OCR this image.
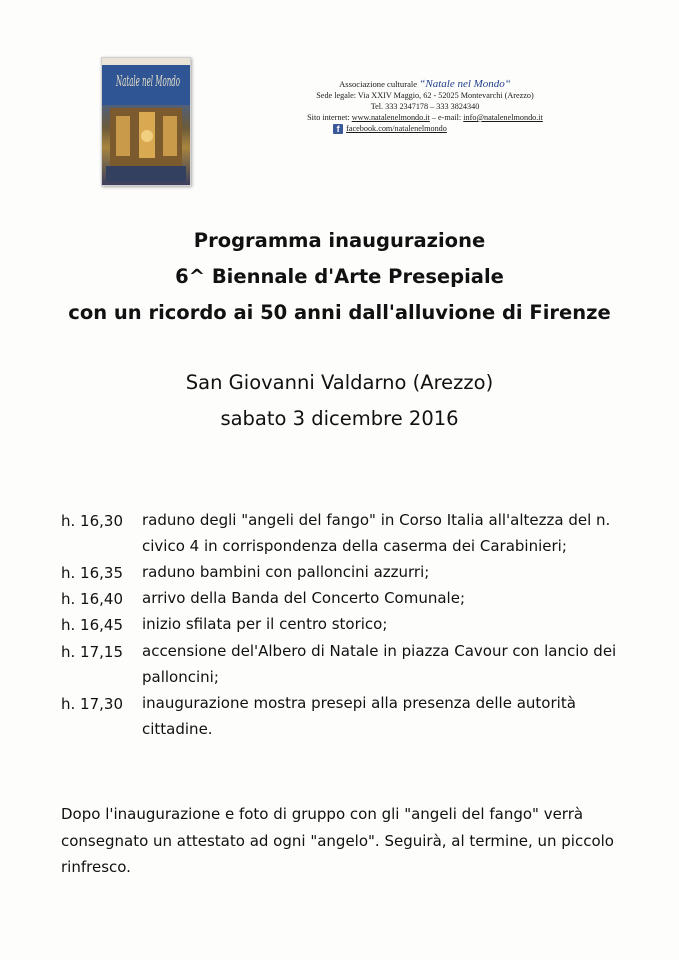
Natale nel Mondo	Associazione culturale “Natale nel Mondo“
Sede legale: Via XXIV Maggio, 62 - 52025 Montevarchi (Arezzo)
Tel. 333 2347178 – 333 3824340
Sito internet: www.natalenelmondo.it – e-mail: info@natalenelmondo.it
f facebook.com/natalenelmondo
Programma inaugurazione
6^ Biennale d'Arte Presepiale
con un ricordo ai 50 anni dall'alluvione di Firenze
San Giovanni Valdarno (Arezzo)
sabato 3 dicembre 2016
h. 16,30 raduno degli "angeli del fango" in Corso Italia all'altezza del n. civico 4 in corrispondenza della caserma dei Carabinieri;
h. 16,35 raduno bambini con palloncini azzurri;
h. 16,40 arrivo della Banda del Concerto Comunale;
h. 16,45 inizio sfilata per il centro storico;
h. 17,15 accensione del'Albero di Natale in piazza Cavour con lancio dei palloncini;
h. 17,30 inaugurazione mostra presepi alla presenza delle autorità cittadine.
Dopo l'inaugurazione e foto di gruppo con gli "angeli del fango" verrà consegnato un attestato ad ogni "angelo". Seguirà, al termine, un piccolo rinfresco.
